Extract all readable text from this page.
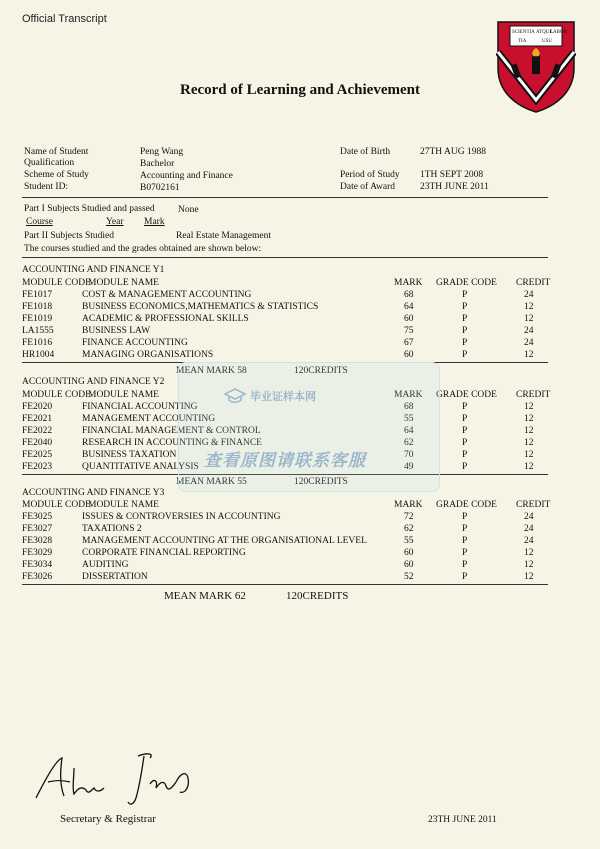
Official Transcript
SCIENTIA ATQUE
LABOR
TIA	USU
Record of Learning and Achievement
Name of Student	Peng Wang	Date of Birth	27TH AUG 1988
Qualification	Bachelor
Scheme of Study	Accounting and Finance	Period of Study 1TH SEPT 2008
Student ID:	B0702161	Date of Award	23TH JUNE 2011
Part I Subjects Studied and passed None
Course	Year Mark
Part II Subjects Studied	Real Estate Management
The courses studied and the grades obtained are shown below:
ACCOUNTING AND FINANCE Y1
MODULE CODE
MODULE NAME	MARK GRADE CODE CREDIT
FE1017	COST & MANAGEMENT ACCOUNTING	68	P	24
FE1018	BUSINESS ECONOMICS,MATHEMATICS & STATISTICS	64	P	12
FE1019	ACADEMIC & PROFESSIONAL SKILLS	60	P	12
LA1555	BUSINESS LAW	75	P	24
FE1016	FINANCE ACCOUNTING	67	P	24
HR1004	MANAGING ORGANISATIONS	60	P	12
MEAN MARK 58	120CREDITS
ACCOUNTING AND FINANCE Y2
MODULE CODE
MODULE NAME	MARK GRADE CODE CREDIT
FE2020	FINANCIAL ACCOUNTING	68	P	12
FE2021	MANAGEMENT ACCOUNTING	55	P	12
FE2022	FINANCIAL MANAGEMENT & CONTROL	64	P	12
FE2040	RESEARCH IN ACCOUNTING & FINANCE	62	P	12
FE2025	BUSINESS TAXATION	70	P	12
FE2023	QUANTITATIVE ANALYSIS	49	P	12
MEAN MARK 55	120CREDITS
ACCOUNTING AND FINANCE Y3
MODULE CODE
MODULE NAME	MARK GRADE CODE CREDIT
FE3025	ISSUES & CONTROVERSIES IN ACCOUNTING	72	P	24
FE3027	TAXATIONS 2	62	P	24
FE3028	MANAGEMENT ACCOUNTING AT THE ORGANISATIONAL LEVEL	55	P	24
FE3029	CORPORATE FINANCIAL REPORTING	60	P	12
FE3034	AUDITING	60	P	12
FE3026	DISSERTATION	52	P	12
MEAN MARK 62	120CREDITS
毕业证样本网
查看原图请联系客服
Secretary & Registrar	23TH JUNE 2011
